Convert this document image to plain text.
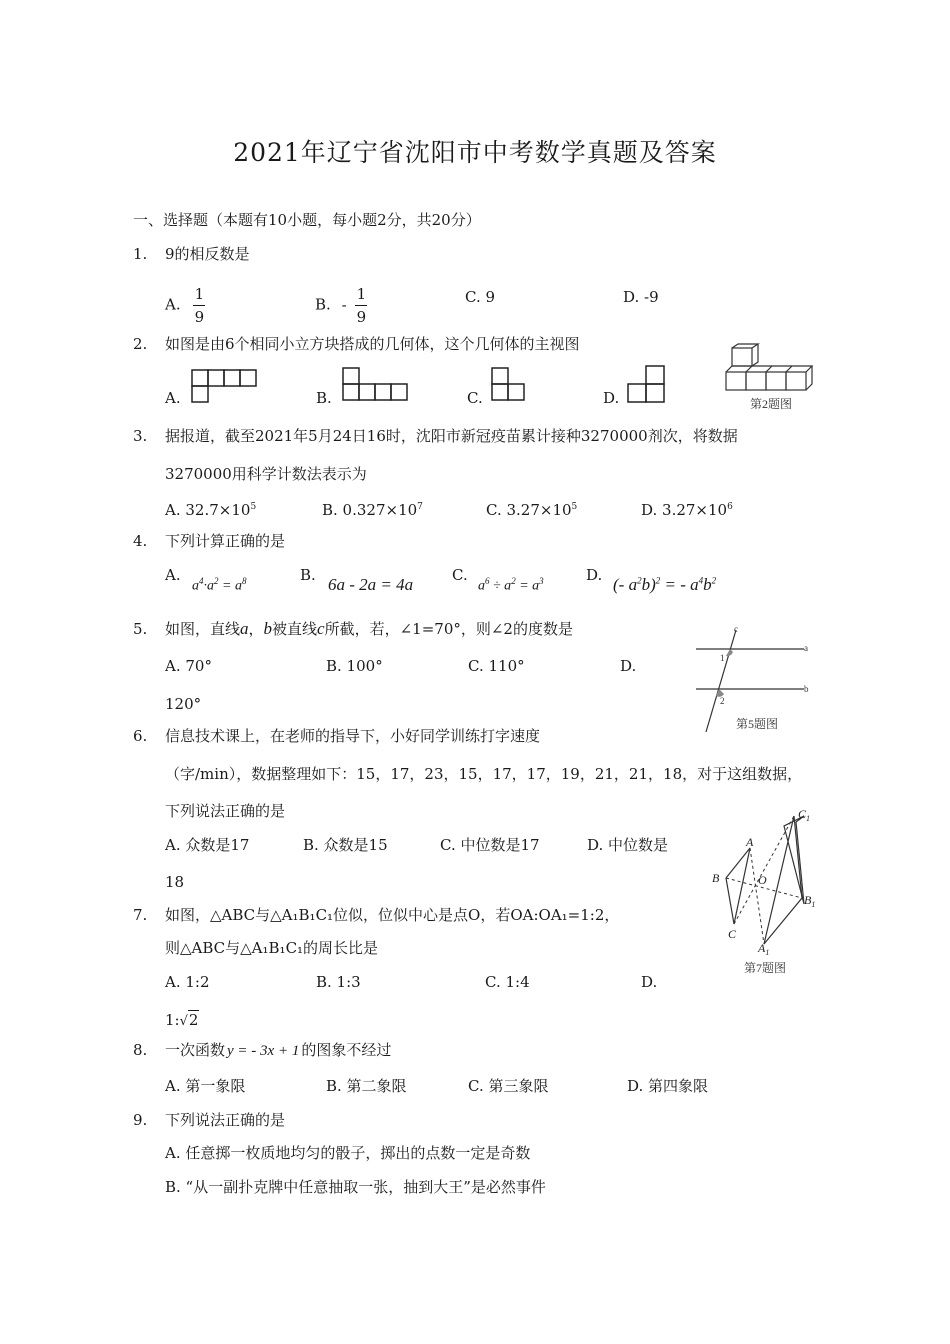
2021年辽宁省沈阳市中考数学真题及答案
一、选择题（本题有10小题，每小题2分，共20分）
1. 9的相反数是
A. $\frac{1}{9}$	B. - $\frac{1}{9}$	C. 9	D. -9
2. 如图是由6个相同小立方块搭成的几何体，这个几何体的主视图
A.	B.	C.	D.	第2题图
3. 据报道，截至2021年5月24日16时，沈阳市新冠疫苗累计接种3270000剂次，将数据
3270000用科学计数法表示为
A. $32.7\times 10^5$	B. $0.327\times 10^7$	C. $3.27\times 10^5$	D. $3.27\times 10^6$
4. 下列计算正确的是
A.
$a^4\cdot a^2 = a^8$	B. 6a - 2a = 4a	C.
$a^6 \div a^2 = a^3$	D. (- $a^2b)^2$ = - $a^4b^2$
5. 如图，直线a，b被直线c所截，若，∠1=70°，则∠2的度数是
A. 70°	B. 100°	C. 110°	D.
120°
c
a
b
1
2
第5题图
6. 信息技术课上，在老师的指导下，小好同学训练打字速度
（字/min），数据整理如下：15，17，23，15，17，17，19，21，21，18，对于这组数据，
下列说法正确的是
A. 众数是17	B. 众数是15	C. 中位数是17	D. 中位数是
18
A
B
C
O
$C_1$
$B_1$
$A_1$
第7题图
7. 如图，△ABC与△A₁B₁C₁位似，位似中心是点O，若OA:OA₁=1:2，
则△ABC与△A₁B₁C₁的周长比是
A. 1:2	B. 1:3	C. 1:4	D.
1:√2
8. 一次函数 y = - 3x + 1 的图象不经过
A. 第一象限	B. 第二象限	C. 第三象限	D. 第四象限
9. 下列说法正确的是
A. 任意掷一枚质地均匀的骰子，掷出的点数一定是奇数
B. “从一副扑克牌中任意抽取一张，抽到大王”是必然事件
